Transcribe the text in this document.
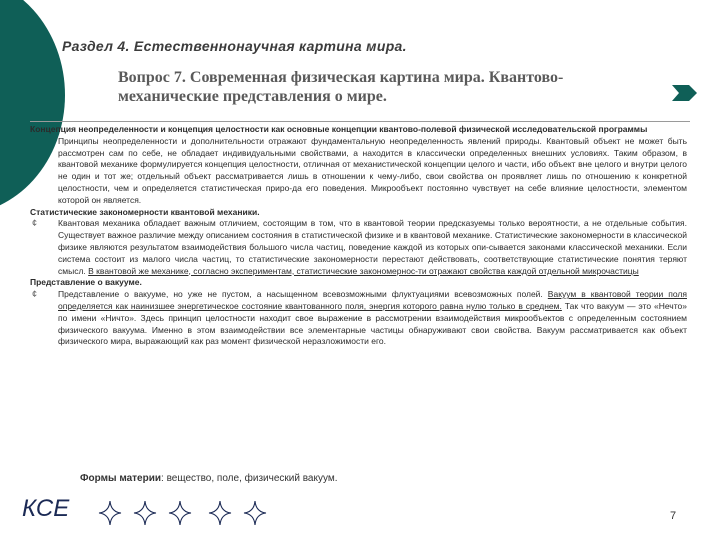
Раздел 4. Естественнонаучная картина мира.
Вопрос 7. Современная физическая картина мира. Квантово-механические представления о мире.

Концепция неопределенности и концепция целостности как основные концепции квантово-полевой физической исследовательской программы

Принципы неопределенности и дополнительности отражают фундаментальную неопределенность явлений природы. Квантовый объект не может быть рассмотрен сам по себе, не обладает индивидуальными свойствами, а находится в классически определенных внешних условиях. Таким образом, в квантовой механике формулируется концепция целостности, отличная от механистической концепции целого и части, ибо объект вне целого и внутри целого не один и тот же; отдельный объект рассматривается лишь в отношении к чему-либо, свои свойства он проявляет лишь по отношению к конкретной целостности, чем и определяется статистическая приро-да его поведения. Микрообъект постоянно чувствует на себе влияние целостности, элементом которой он является.

Статистические закономерности квантовой механики.

¢ Квантовая механика обладает важным отличием, состоящим в том, что в квантовой теории предсказуемы только вероятности, а не отдельные события. Существует важное различие между описанием состояния в статистической физике и в квантовой механике. Статистические закономерности в классической физике являются результатом взаимодействия большого числа частиц, поведение каждой из которых опи-сывается законами классической механики. Если система состоит из малого числа частиц, то статистические закономерности перестают действовать, соответствующие статистические понятия теряют смысл. В квантовой же механике, согласно экспериментам, статистические закономернос-ти отражают свойства каждой отдельной микрочастицы

Представление о вакууме.

¢ Представление о вакууме, но уже не пустом, а насыщенном всевозможными флуктуациями всевозможных полей. Вакуум в квантовой теории поля определяется как наинизшее энергетическое состояние квантованного поля, энергия которого равна нулю только в среднем. Так что вакуум — это «Нечто» по имени «Ничто». Здесь принцип целостности находит свое выражение в рассмотрении взаимодействия микрообъектов с определенным состоянием физического вакуума. Именно в этом взаимодействии все элементарные частицы обнаруживают свои свойства. Вакуум рассматривается как объект физического мира, выражающий как раз момент физической неразложимости его.

Формы материи: вещество, поле, физический вакуум.

КСЕ	7
